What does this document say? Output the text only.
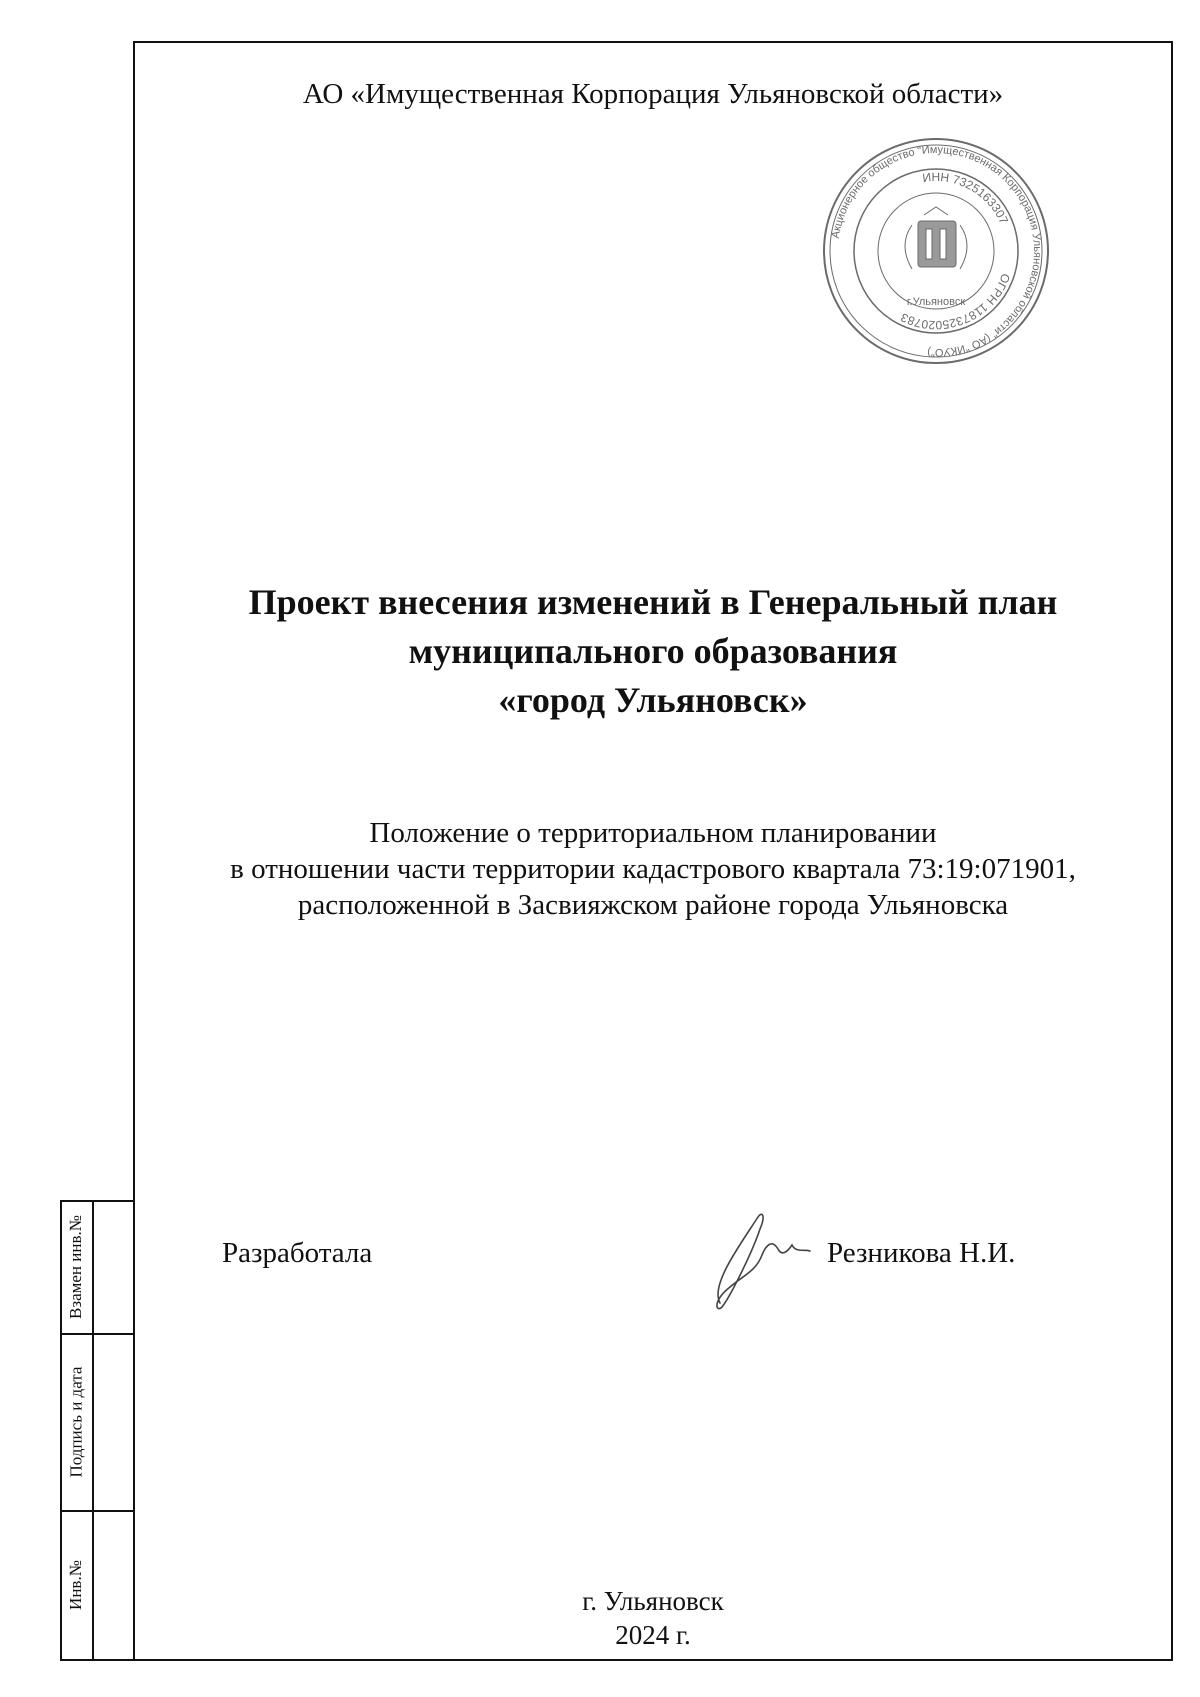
АО «Имущественная Корпорация Ульяновской области»
Акционерное общество "Имущественная Корпорация Ульяновской области" (АО "ИКУО")
ИНН 7325163307
ОГРН 1187325020783
г.Ульяновск
Проект внесения изменений в Генеральный план
муниципального образования
«город Ульяновск»
Положение о территориальном планировании
в отношении части территории кадастрового квартала 73:19:071901,
расположенной в Засвияжском районе города Ульяновска
Разработала	Резникова Н.И.
г. Ульяновск
2024 г.
Взамен инв.№
Подпись и дата
Инв.№
